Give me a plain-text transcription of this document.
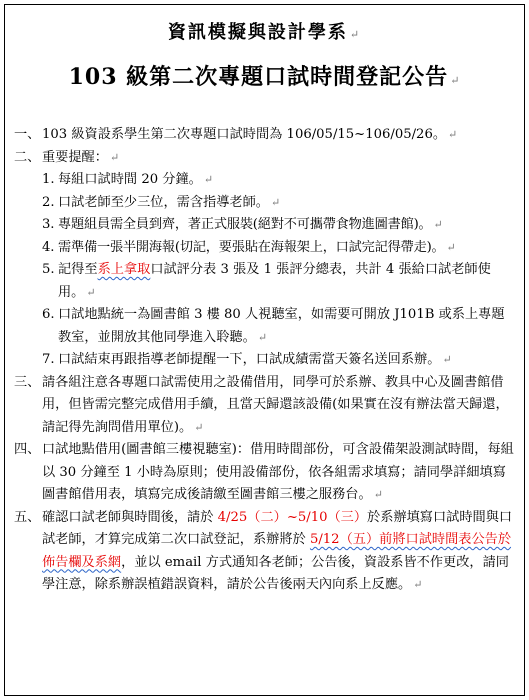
資訊模擬與設計學系 ↵
103 級第二次專題口試時間登記公告 ↵

一、 103 級資設系學生第二次專題口試時間為 106/05/15~106/05/26。 ↵

二、 重要提醒： ↵

1. 每組口試時間 20 分鐘。 ↵

2. 口試老師至少三位，需含指導老師。 ↵

3. 專題組員需全員到齊，著正式服裝(絕對不可攜帶食物進圖書館)。 ↵

4. 需準備一張半開海報(切記，要張貼在海報架上，口試完記得帶走)。 ↵

5. 記得至系上拿取口試評分表 3 張及 1 張評分總表，共計 4 張給口試老師使用。 ↵

6. 口試地點統一為圖書館 3 樓 80 人視聽室，如需要可開放 J101B 或系上專題教室，並開放其他同學進入聆聽。 ↵

7. 口試結束再跟指導老師提醒一下，口試成績需當天簽名送回系辦。 ↵

三、 請各組注意各專題口試需使用之設備借用，同學可於系辦、教具中心及圖書館借用，但皆需完整完成借用手續，且當天歸還該設備(如果實在沒有辦法當天歸還，請記得先詢問借用單位)。 ↵

四、 口試地點借用(圖書館三樓視聽室)：借用時間部份，可含設備架設測試時間，每組以 30 分鐘至 1 小時為原則；使用設備部份，依各組需求填寫；請同學詳細填寫圖書館借用表，填寫完成後請繳至圖書館三樓之服務台。 ↵

五、 確認口試老師與時間後，請於 4/25（二）~5/10（三）於系辦填寫口試時間與口試老師，才算完成第二次口試登記，系辦將於 5/12（五）前將口試時間表公告於佈告欄及系網，並以 email 方式通知各老師；公告後，資設系皆不作更改，請同學注意，除系辦誤植錯誤資料，請於公告後兩天內向系上反應。 ↵
